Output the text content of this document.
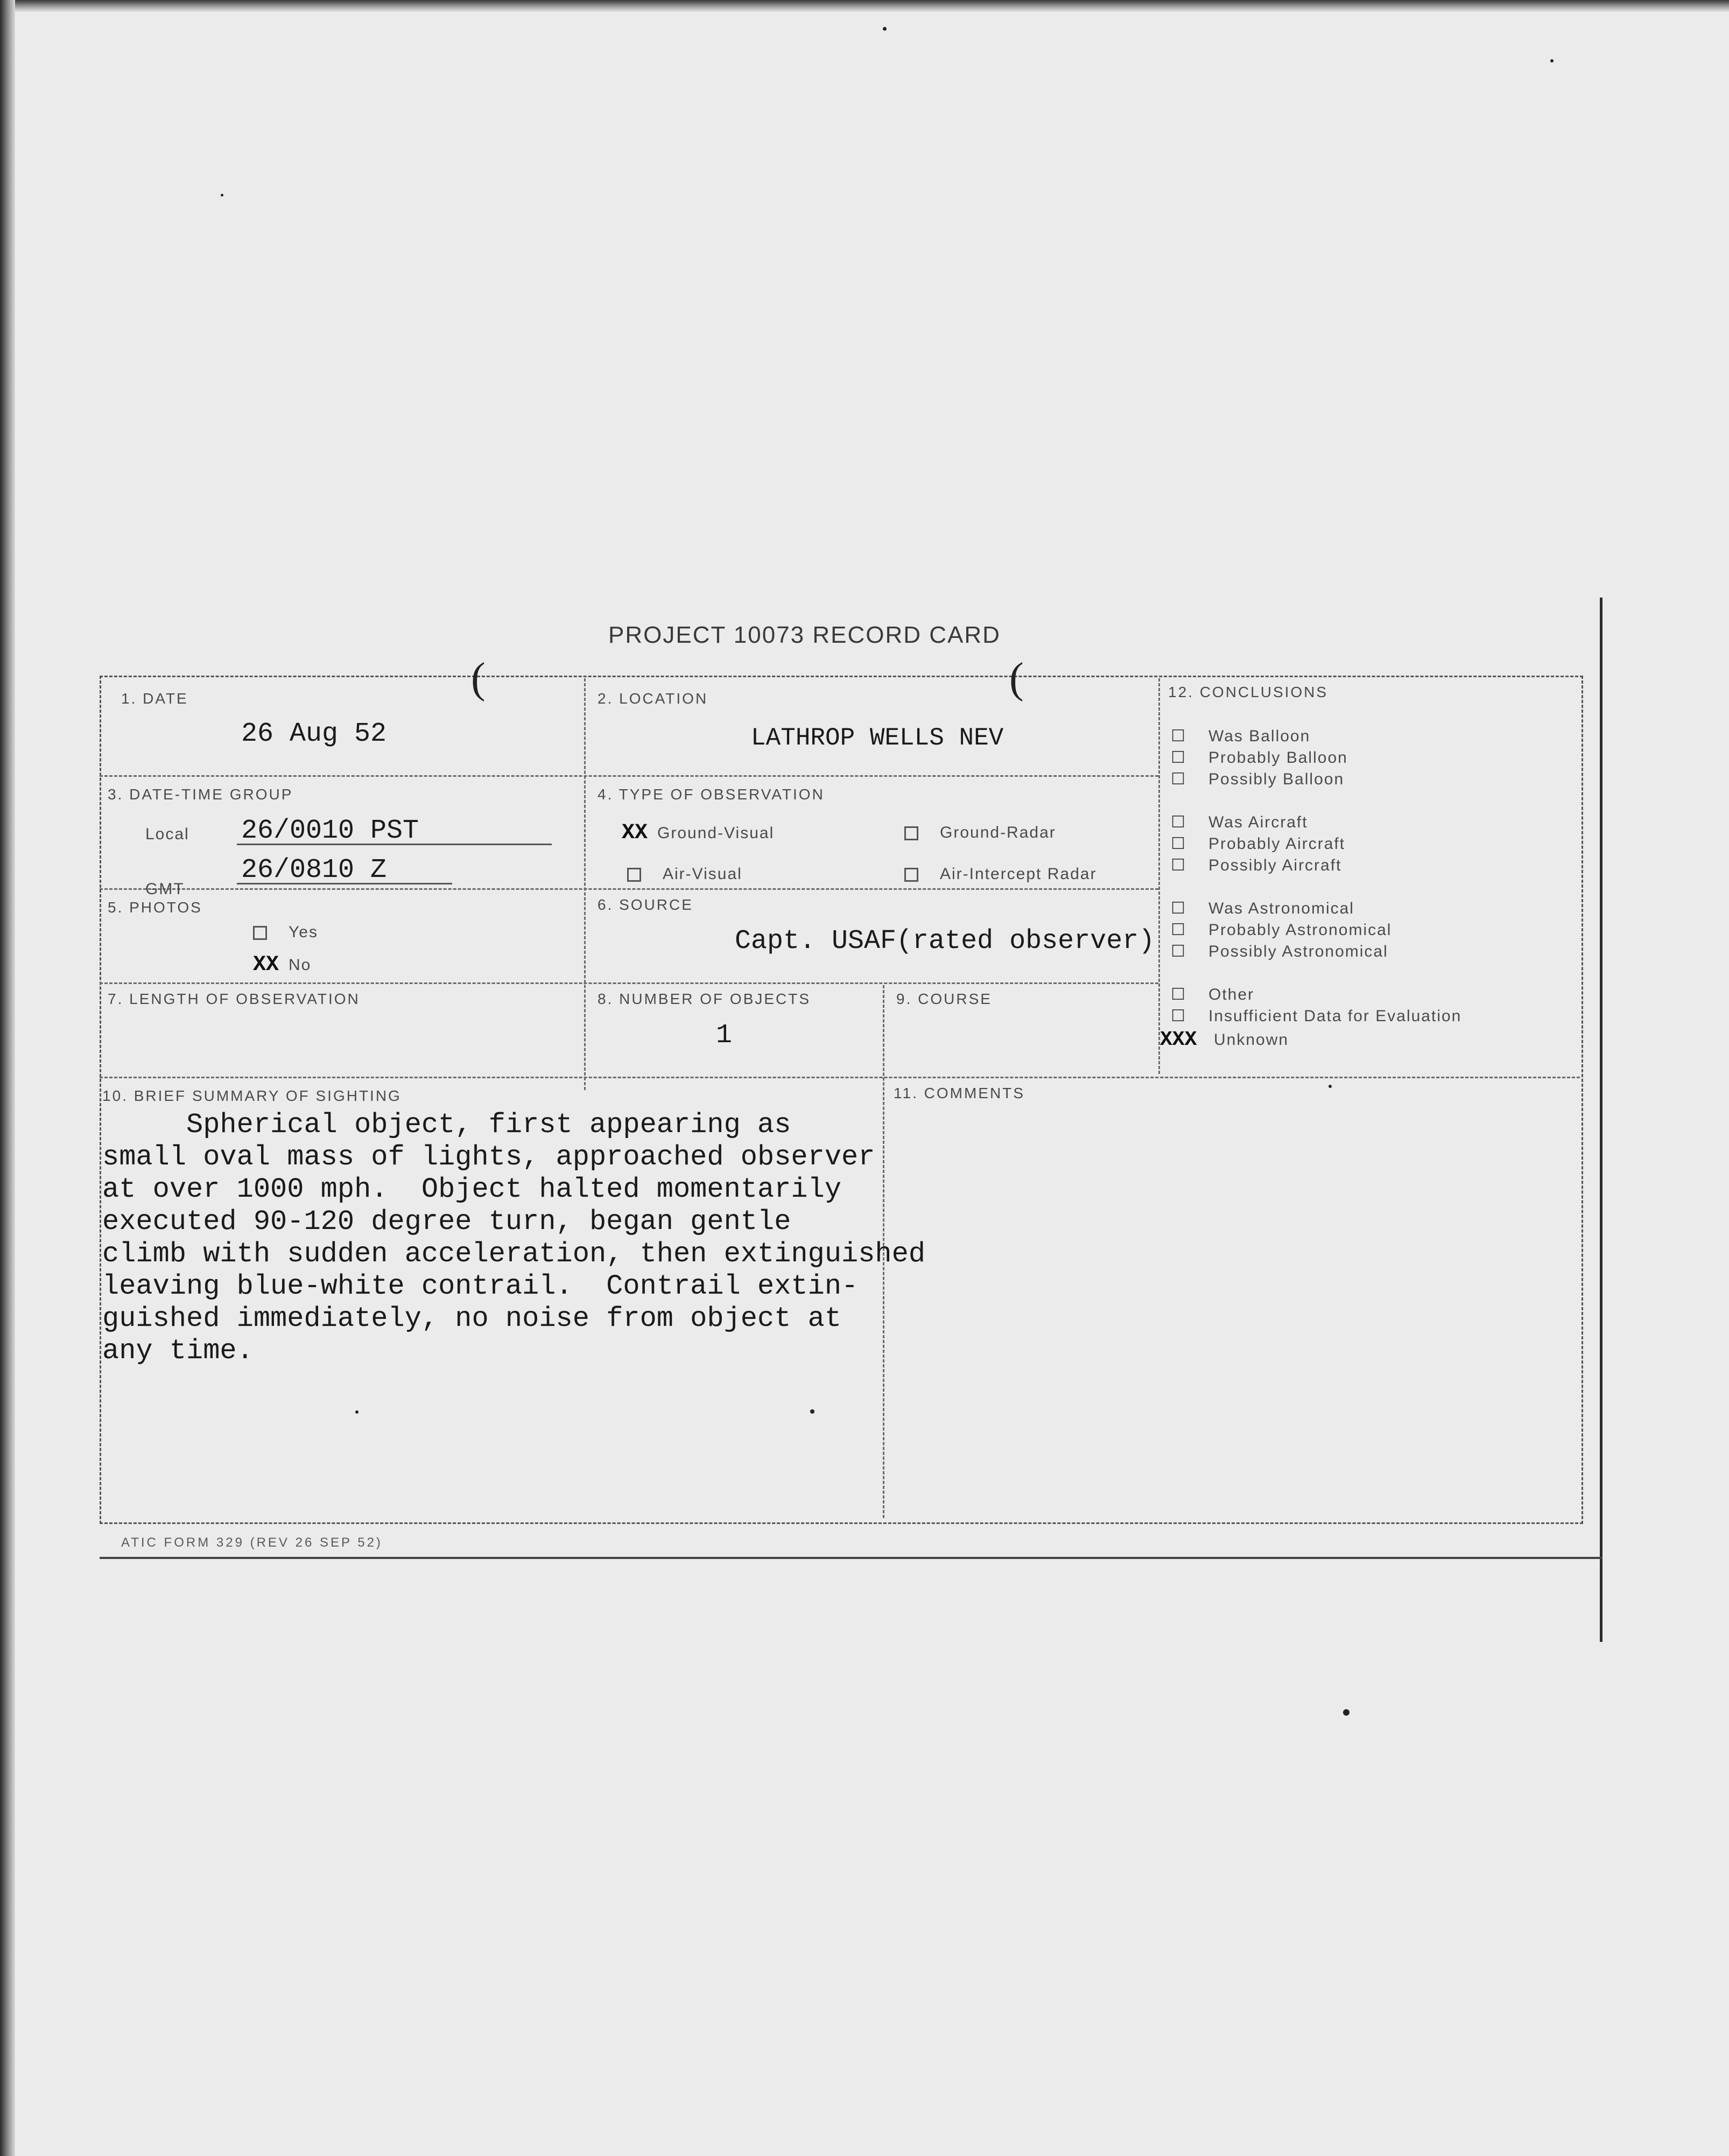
PROJECT 10073 RECORD CARD
(	(
1. DATE
26 Aug 52
2. LOCATION
LATHROP WELLS NEV
3. DATE-TIME GROUP
Local 26/0010 PST
GMT
26/0810 Z
4. TYPE OF OBSERVATION
XX Ground-Visual	Ground-Radar
Air-Visual	Air-Intercept Radar
5. PHOTOS
Yes
XX No
6. SOURCE
Capt. USAF(rated observer)
7. LENGTH OF OBSERVATION	8. NUMBER OF OBJECTS
1
9. COURSE
12. CONCLUSIONS
☐ Was Balloon
☐ Probably Balloon
☐ Possibly Balloon
☐ Was Aircraft
☐ Probably Aircraft
☐ Possibly Aircraft
☐ Was Astronomical
☐ Probably Astronomical
☐ Possibly Astronomical
☐ Other
☐ Insufficient Data for Evaluation
XXX Unknown
10. BRIEF SUMMARY OF SIGHTING
Spherical object, first appearing as
small oval mass of lights, approached observer
at over 1000 mph.  Object halted momentarily
executed 90-120 degree turn, began gentle
climb with sudden acceleration, then extinguished
leaving blue-white contrail.  Contrail extin-
guished immediately, no noise from object at
any time.
11. COMMENTS
ATIC FORM 329 (REV 26 SEP 52)
